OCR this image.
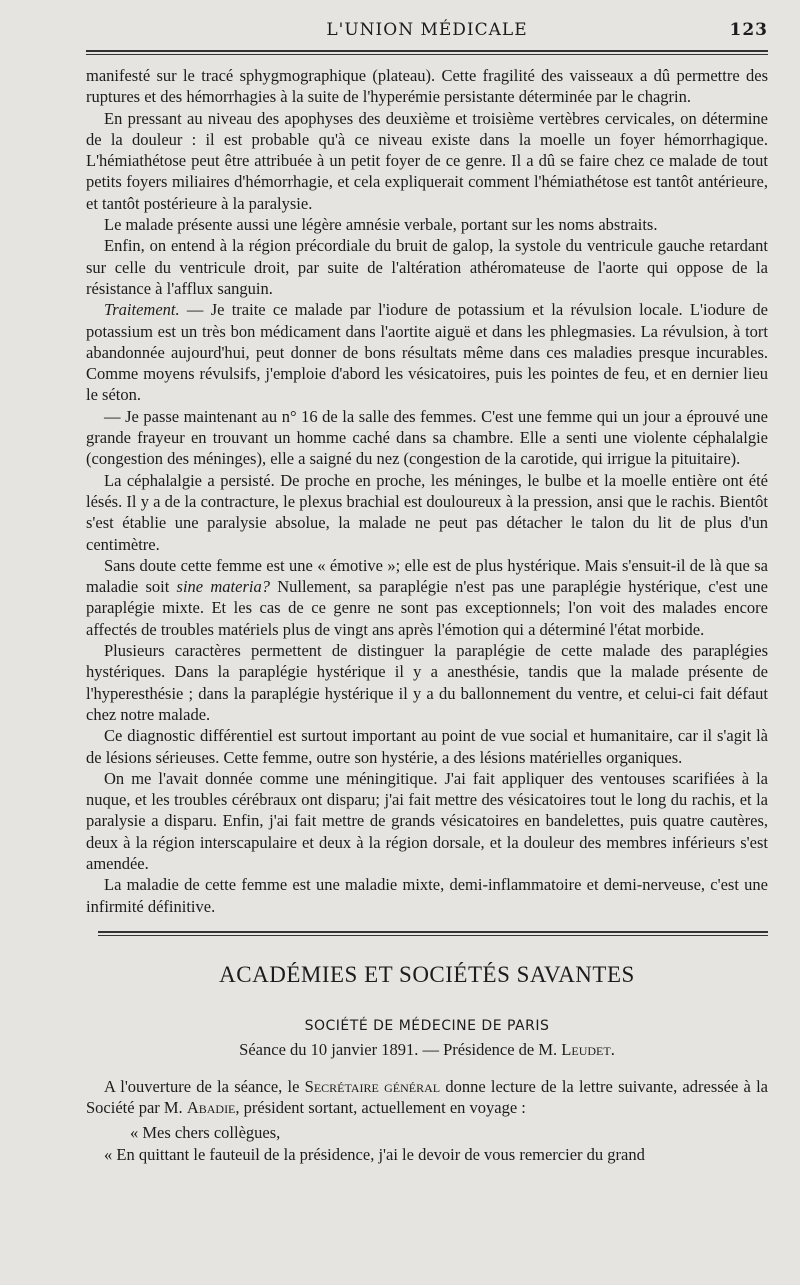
L'UNION MÉDICALE	123

manifesté sur le tracé sphygmographique (plateau). Cette fragilité des vaisseaux a dû permettre des ruptures et des hémorrhagies à la suite de l'hyperémie persistante déterminée par le chagrin.

En pressant au niveau des apophyses des deuxième et troisième vertèbres cervicales, on détermine de la douleur : il est probable qu'à ce niveau existe dans la moelle un foyer hémorrhagique. L'hémiathétose peut être attribuée à un petit foyer de ce genre. Il a dû se faire chez ce malade de tout petits foyers miliaires d'hémorrhagie, et cela expliquerait comment l'hémiathétose est tantôt antérieure, et tantôt postérieure à la paralysie.

Le malade présente aussi une légère amnésie verbale, portant sur les noms abstraits.

Enfin, on entend à la région précordiale du bruit de galop, la systole du ventricule gauche retardant sur celle du ventricule droit, par suite de l'altération athéromateuse de l'aorte qui oppose de la résistance à l'afflux sanguin.

Traitement. — Je traite ce malade par l'iodure de potassium et la révulsion locale. L'iodure de potassium est un très bon médicament dans l'aortite aiguë et dans les phlegmasies. La révulsion, à tort abandonnée aujourd'hui, peut donner de bons résultats même dans ces maladies presque incurables. Comme moyens révulsifs, j'emploie d'abord les vésicatoires, puis les pointes de feu, et en dernier lieu le séton.

— Je passe maintenant au n° 16 de la salle des femmes. C'est une femme qui un jour a éprouvé une grande frayeur en trouvant un homme caché dans sa chambre. Elle a senti une violente céphalalgie (congestion des méninges), elle a saigné du nez (congestion de la carotide, qui irrigue la pituitaire).

La céphalalgie a persisté. De proche en proche, les méninges, le bulbe et la moelle entière ont été lésés. Il y a de la contracture, le plexus brachial est douloureux à la pression, ansi que le rachis. Bientôt s'est établie une paralysie absolue, la malade ne peut pas détacher le talon du lit de plus d'un centimètre.

Sans doute cette femme est une « émotive »; elle est de plus hystérique. Mais s'ensuit-il de là que sa maladie soit sine materia? Nullement, sa paraplégie n'est pas une paraplégie hystérique, c'est une paraplégie mixte. Et les cas de ce genre ne sont pas exceptionnels; l'on voit des malades encore affectés de troubles matériels plus de vingt ans après l'émotion qui a déterminé l'état morbide.

Plusieurs caractères permettent de distinguer la paraplégie de cette malade des paraplégies hystériques. Dans la paraplégie hystérique il y a anesthésie, tandis que la malade présente de l'hyperesthésie ; dans la paraplégie hystérique il y a du ballonnement du ventre, et celui-ci fait défaut chez notre malade.

Ce diagnostic différentiel est surtout important au point de vue social et humanitaire, car il s'agit là de lésions sérieuses. Cette femme, outre son hystérie, a des lésions matérielles organiques.

On me l'avait donnée comme une méningitique. J'ai fait appliquer des ventouses scarifiées à la nuque, et les troubles cérébraux ont disparu; j'ai fait mettre des vésicatoires tout le long du rachis, et la paralysie a disparu. Enfin, j'ai fait mettre de grands vésicatoires en bandelettes, puis quatre cautères, deux à la région interscapulaire et deux à la région dorsale, et la douleur des membres inférieurs s'est amendée.

La maladie de cette femme est une maladie mixte, demi-inflammatoire et demi-nerveuse, c'est une infirmité définitive.

ACADÉMIES ET SOCIÉTÉS SAVANTES
SOCIÉTÉ DE MÉDECINE DE PARIS
Séance du 10 janvier 1891. — Présidence de M. Leudet.

A l'ouverture de la séance, le Secrétaire général donne lecture de la lettre suivante, adressée à la Société par M. Abadie, président sortant, actuellement en voyage :

« Mes chers collègues,

« En quittant le fauteuil de la présidence, j'ai le devoir de vous remercier du grand
